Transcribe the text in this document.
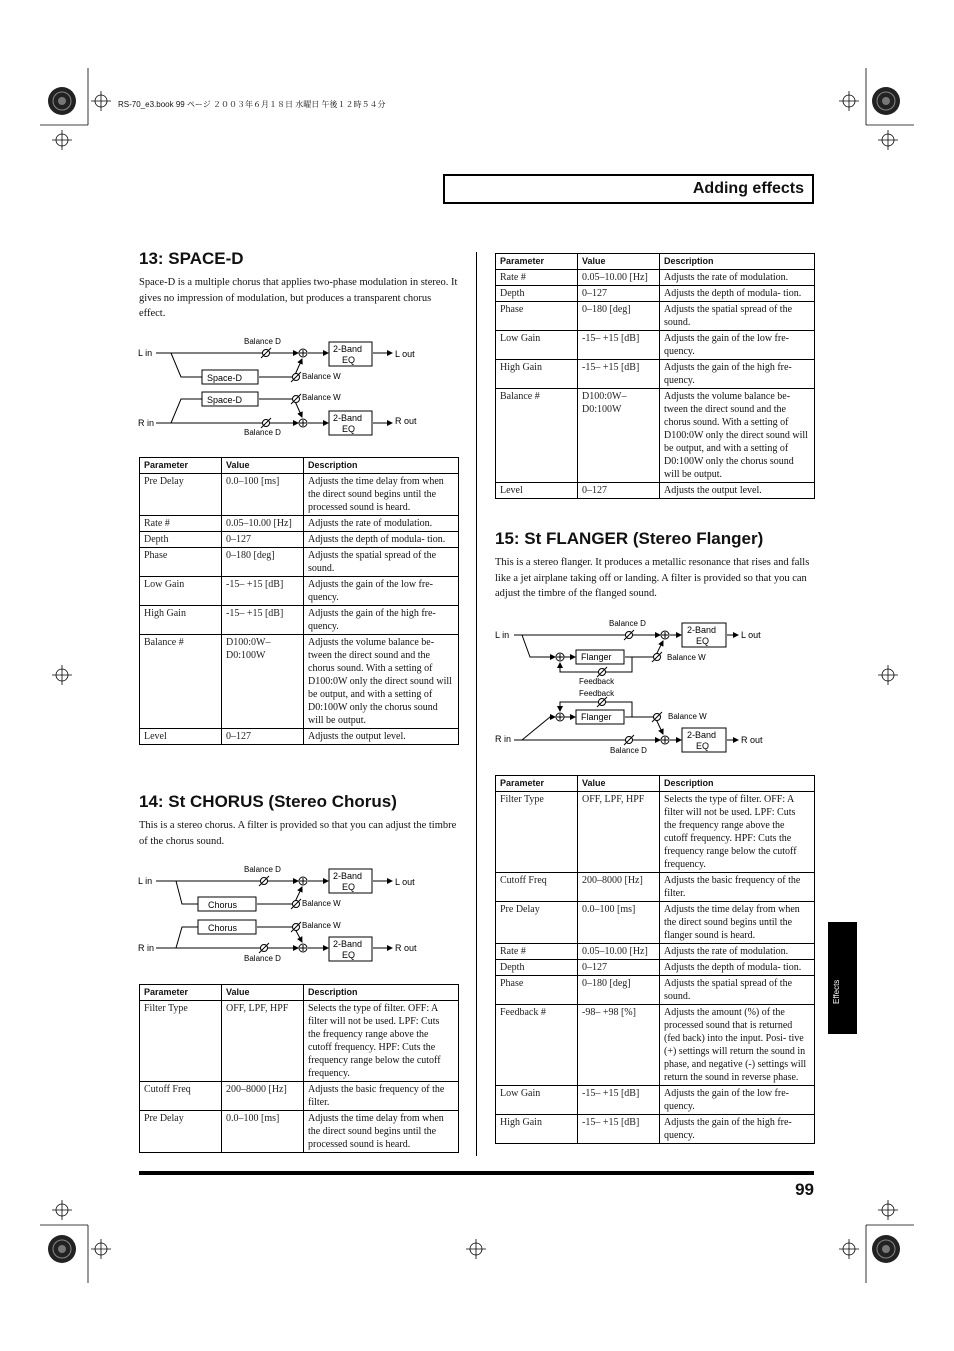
RS-70_e3.book 99 ページ ２００３年６月１８日 水曜日 午後１２時５４分
Adding effects
13: SPACE-D
Space-D is a multiple chorus that applies two-phase modulation in stereo. It gives no impression of modulation, but produces a transparent chorus effect.
L in
R in
L out
R out
Balance D
Balance D
Balance W
Balance W
Space-D
Space-D
2-Band
EQ
2-Band
EQ
Parameter	Value	Description
Pre Delay	0.0–100 [ms]	Adjusts the time delay from when the direct sound begins until the processed sound is heard.
Rate #	0.05–10.00 [Hz]	Adjusts the rate of modulation.
Depth	0–127	Adjusts the depth of modula- tion.
Phase	0–180 [deg]	Adjusts the spatial spread of the sound.
Low Gain	-15– +15 [dB]	Adjusts the gain of the low fre- quency.
High Gain	-15– +15 [dB]	Adjusts the gain of the high fre- quency.
Balance #	D100:0W– D0:100W	Adjusts the volume balance be- tween the direct sound and the chorus sound. With a setting of D100:0W only the direct sound will be output, and with a setting of D0:100W only the chorus sound will be output.
Level	0–127	Adjusts the output level.
14: St CHORUS (Stereo Chorus)
This is a stereo chorus. A filter is provided so that you can adjust the timbre of the chorus sound.
L in
R in
L out
R out
Balance D
Balance D
Balance W
Balance W
Chorus
Chorus
2-Band
EQ
2-Band
EQ
Parameter	Value	Description
Filter Type	OFF, LPF, HPF	Selects the type of filter. OFF: A filter will not be used. LPF: Cuts the frequency range above the cutoff frequency. HPF: Cuts the frequency range below the cutoff frequency.
Cutoff Freq	200–8000 [Hz]	Adjusts the basic frequency of the filter.
Pre Delay	0.0–100 [ms]	Adjusts the time delay from when the direct sound begins until the processed sound is heard.
Parameter	Value	Description
Rate #	0.05–10.00 [Hz]	Adjusts the rate of modulation.
Depth	0–127	Adjusts the depth of modula- tion.
Phase	0–180 [deg]	Adjusts the spatial spread of the sound.
Low Gain	-15– +15 [dB]	Adjusts the gain of the low fre- quency.
High Gain	-15– +15 [dB]	Adjusts the gain of the high fre- quency.
Balance #	D100:0W– D0:100W	Adjusts the volume balance be- tween the direct sound and the chorus sound. With a setting of D100:0W only the direct sound will be output, and with a setting of D0:100W only the chorus sound will be output.
Level	0–127	Adjusts the output level.
15: St FLANGER (Stereo Flanger)
This is a stereo flanger. It produces a metallic resonance that rises and falls like a jet airplane taking off or landing. A filter is provided so that you can adjust the timbre of the flanged sound.
L in
R in
L out
R out
Balance D
Balance D
Balance W
Balance W
Feedback
Feedback
Flanger
Flanger
2-Band
EQ
2-Band
EQ
Parameter	Value	Description
Filter Type	OFF, LPF, HPF	Selects the type of filter. OFF: A filter will not be used. LPF: Cuts the frequency range above the cutoff frequency. HPF: Cuts the frequency range below the cutoff frequency.
Cutoff Freq	200–8000 [Hz]	Adjusts the basic frequency of the filter.
Pre Delay	0.0–100 [ms]	Adjusts the time delay from when the direct sound begins until the flanger sound is heard.
Rate #	0.05–10.00 [Hz]	Adjusts the rate of modulation.
Depth	0–127	Adjusts the depth of modula- tion.
Phase	0–180 [deg]	Adjusts the spatial spread of the sound.
Feedback #	-98– +98 [%]	Adjusts the amount (%) of the processed sound that is returned (fed back) into the input. Posi- tive (+) settings will return the sound in phase, and negative (-) settings will return the sound in reverse phase.
Low Gain	-15– +15 [dB]	Adjusts the gain of the low fre- quency.
High Gain	-15– +15 [dB]	Adjusts the gain of the high fre- quency.
99
Effects
